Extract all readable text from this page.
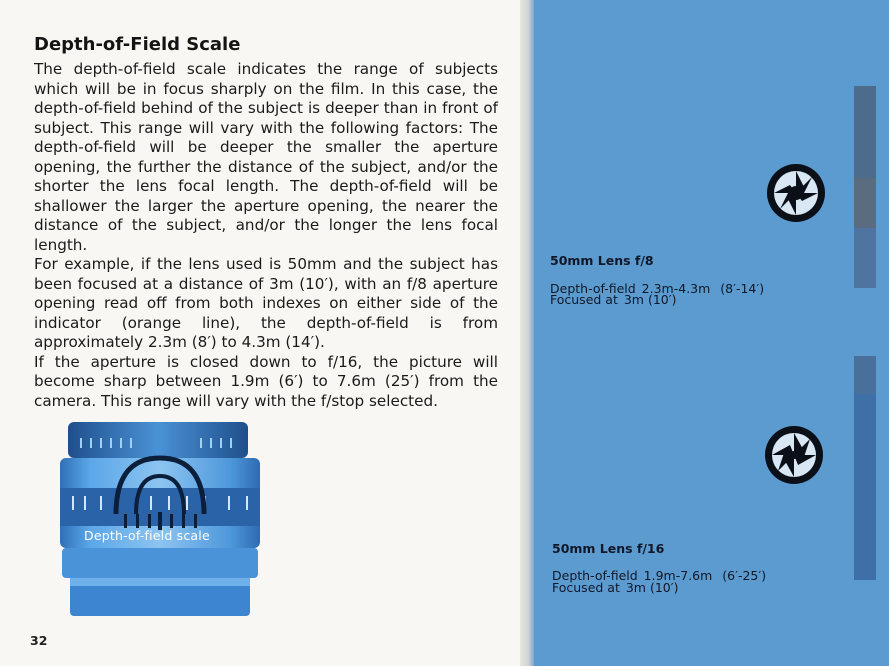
Depth-of-Field Scale

The depth-of-field scale indicates the range of subjects which will be in focus sharply on the film. In this case, the depth-of-field behind of the subject is deeper than in front of subject. This range will vary with the following factors: The depth-of-field will be deeper the smaller the aperture opening, the further the distance of the subject, and/or the shorter the lens focal length. The depth-of-field will be shallower the larger the aperture opening, the nearer the distance of the subject, and/or the longer the lens focal length.

For example, if the lens used is 50mm and the subject has been focused at a distance of 3m (10′), with an f/8 aperture opening read off from both indexes on either side of the indicator (orange line), the depth-of-field is from approximately 2.3m (8′) to 4.3m (14′).

If the aperture is closed down to f/16, the picture will become sharp between 1.9m (6′) to 7.6m (25′) from the camera. This range will vary with the f/stop selected.

Depth-of-field scale
32
50mm Lens f/8
Depth-of-field 2.3m-4.3m (8′-14′)
Focused at 3m (10′)
50mm Lens f/16
Depth-of-field 1.9m-7.6m (6′-25′)
Focused at 3m (10′)
